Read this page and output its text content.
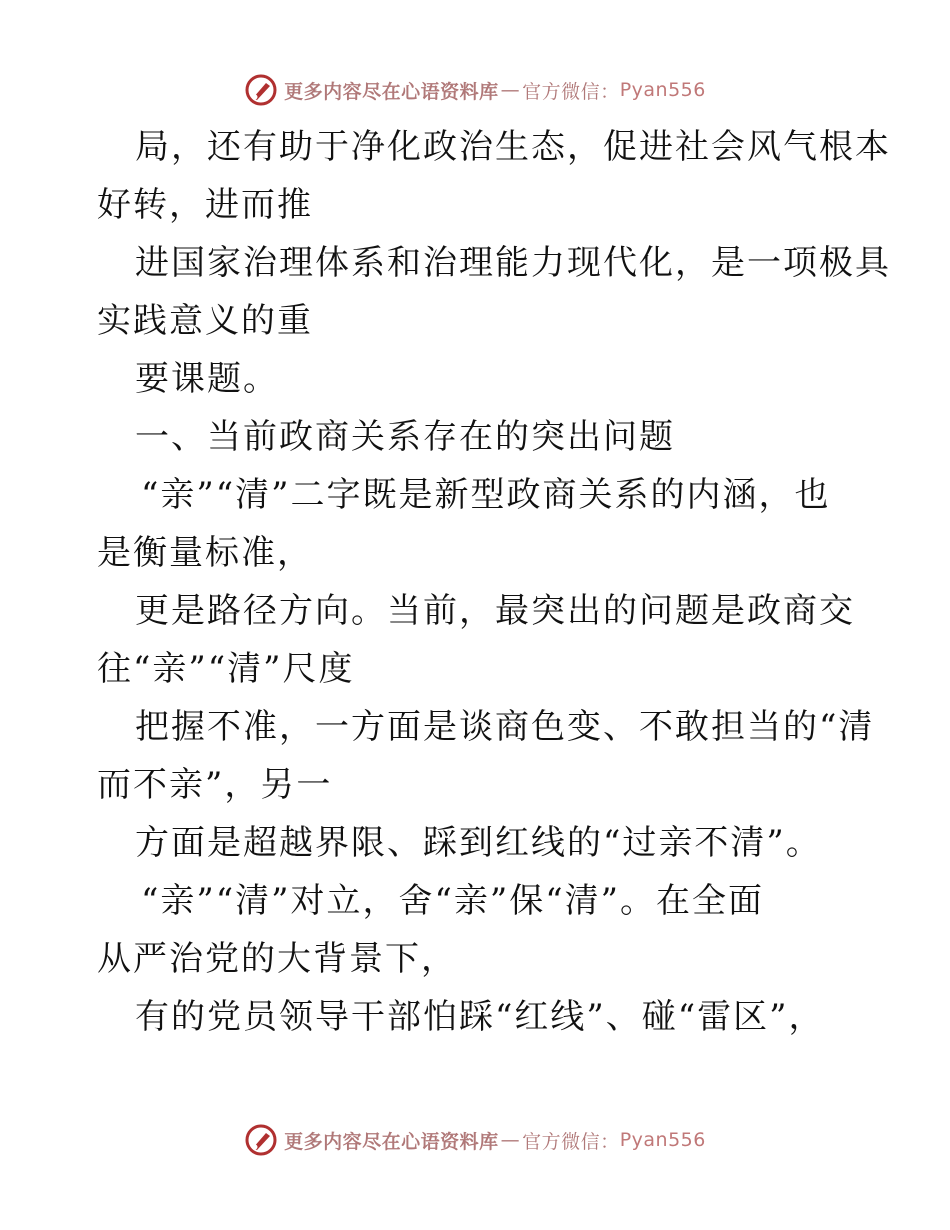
更多内容尽在心语资料库 — 官方微信： Pyan556
局，还有助于净化政治生态，促进社会风气根本
好转，进而推
进国家治理体系和治理能力现代化，是一项极具
实践意义的重
要课题。
一、当前政商关系存在的突出问题
“亲”“清”二字既是新型政商关系的内涵，也
是衡量标准，
更是路径方向。当前，最突出的问题是政商交
往“亲”“清”尺度
把握不准，一方面是谈商色变、不敢担当的“清
而不亲”，另一
方面是超越界限、踩到红线的“过亲不清”。
“亲”“清”对立，舍“亲”保“清”。在全面
从严治党的大背景下，
有的党员领导干部怕踩“红线”、碰“雷区”，
更多内容尽在心语资料库 — 官方微信： Pyan556
